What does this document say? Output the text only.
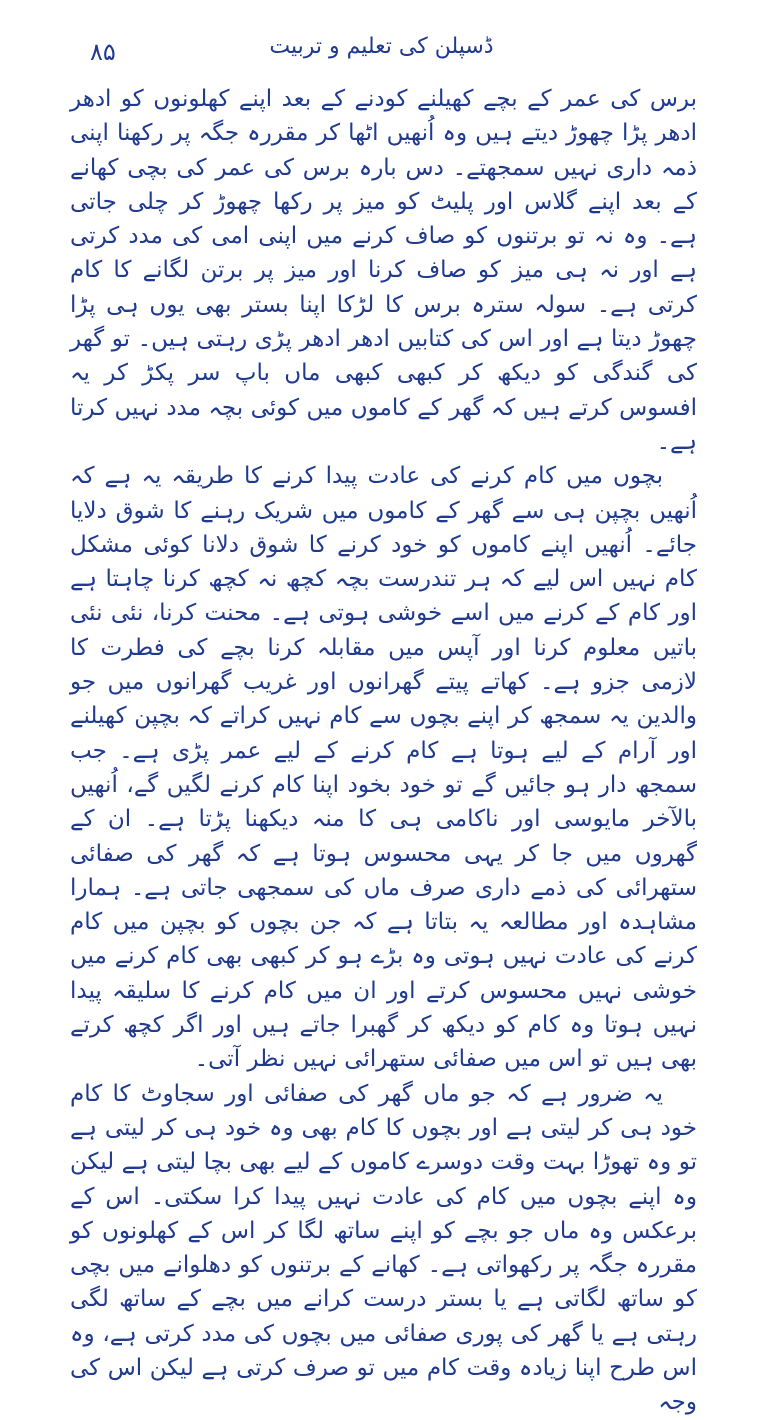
۸۵	ڈسپلن کی تعلیم و تربیت

برس کی عمر کے بچے کھیلنے کودنے کے بعد اپنے کھلونوں کو ادھر ادھر پڑا چھوڑ دیتے ہیں وہ اُنھیں اٹھا کر مقررہ جگہ پر رکھنا اپنی ذمہ داری نہیں سمجھتے۔ دس بارہ برس کی عمر کی بچی کھانے کے بعد اپنے گلاس اور پلیٹ کو میز پر رکھا چھوڑ کر چلی جاتی ہے۔ وہ نہ تو برتنوں کو صاف کرنے میں اپنی امی کی مدد کرتی ہے اور نہ ہی میز کو صاف کرنا اور میز پر برتن لگانے کا کام کرتی ہے۔ سولہ سترہ برس کا لڑکا اپنا بستر بھی یوں ہی پڑا چھوڑ دیتا ہے اور اس کی کتابیں ادھر ادھر پڑی رہتی ہیں۔ تو گھر کی گندگی کو دیکھ کر کبھی کبھی ماں باپ سر پکڑ کر یہ افسوس کرتے ہیں کہ گھر کے کاموں میں کوئی بچہ مدد نہیں کرتا ہے۔

بچوں میں کام کرنے کی عادت پیدا کرنے کا طریقہ یہ ہے کہ اُنھیں بچپن ہی سے گھر کے کاموں میں شریک رہنے کا شوق دلایا جائے۔ اُنھیں اپنے کاموں کو خود کرنے کا شوق دلانا کوئی مشکل کام نہیں اس لیے کہ ہر تندرست بچہ کچھ نہ کچھ کرنا چاہتا ہے اور کام کے کرنے میں اسے خوشی ہوتی ہے۔ محنت کرنا، نئی نئی باتیں معلوم کرنا اور آپس میں مقابلہ کرنا بچے کی فطرت کا لازمی جزو ہے۔ کھاتے پیتے گھرانوں اور غریب گھرانوں میں جو والدین یہ سمجھ کر اپنے بچوں سے کام نہیں کراتے کہ بچپن کھیلنے اور آرام کے لیے ہوتا ہے کام کرنے کے لیے عمر پڑی ہے۔ جب سمجھ دار ہو جائیں گے تو خود بخود اپنا کام کرنے لگیں گے، اُنھیں بالآخر مایوسی اور ناکامی ہی کا منہ دیکھنا پڑتا ہے۔ ان کے گھروں میں جا کر یہی محسوس ہوتا ہے کہ گھر کی صفائی ستھرائی کی ذمے داری صرف ماں کی سمجھی جاتی ہے۔ ہمارا مشاہدہ اور مطالعہ یہ بتاتا ہے کہ جن بچوں کو بچپن میں کام کرنے کی عادت نہیں ہوتی وہ بڑے ہو کر کبھی بھی کام کرنے میں خوشی نہیں محسوس کرتے اور ان میں کام کرنے کا سلیقہ پیدا نہیں ہوتا وہ کام کو دیکھ کر گھبرا جاتے ہیں اور اگر کچھ کرتے بھی ہیں تو اس میں صفائی ستھرائی نہیں نظر آتی۔

یہ ضرور ہے کہ جو ماں گھر کی صفائی اور سجاوٹ کا کام خود ہی کر لیتی ہے اور بچوں کا کام بھی وہ خود ہی کر لیتی ہے تو وہ تھوڑا بہت وقت دوسرے کاموں کے لیے بھی بچا لیتی ہے لیکن وہ اپنے بچوں میں کام کی عادت نہیں پیدا کرا سکتی۔ اس کے برعکس وہ ماں جو بچے کو اپنے ساتھ لگا کر اس کے کھلونوں کو مقررہ جگہ پر رکھواتی ہے۔ کھانے کے برتنوں کو دھلوانے میں بچی کو ساتھ لگاتی ہے یا بستر درست کرانے میں بچے کے ساتھ لگی رہتی ہے یا گھر کی پوری صفائی میں بچوں کی مدد کرتی ہے، وہ اس طرح اپنا زیادہ وقت کام میں تو صرف کرتی ہے لیکن اس کی وجہ
